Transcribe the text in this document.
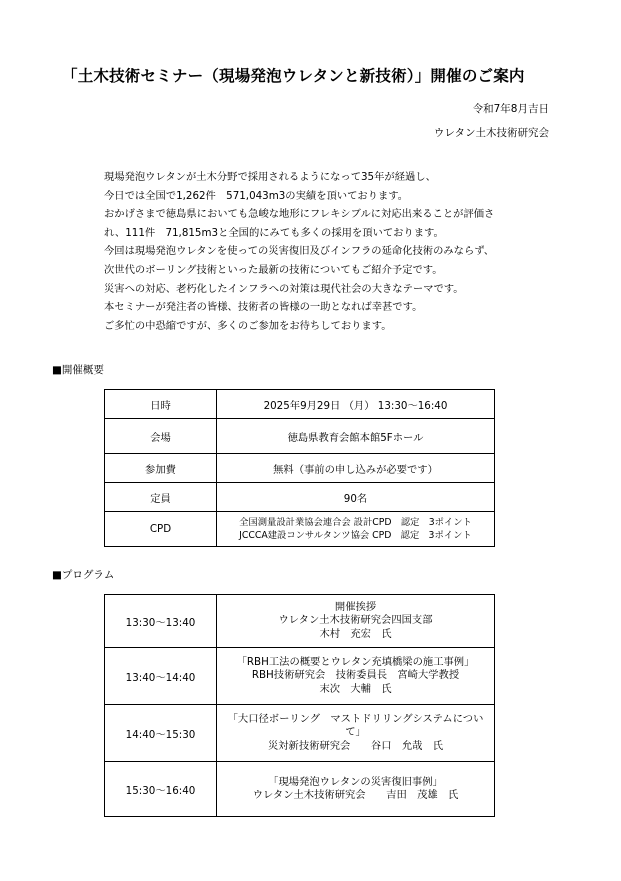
「土木技術セミナー（現場発泡ウレタンと新技術）」開催のご案内
令和7年8月吉日
ウレタン土木技術研究会
現場発泡ウレタンが土木分野で採用されるようになって35年が経過し、
今日では全国で1,262件　571,043m3の実績を頂いております。
おかげさまで徳島県においても急峻な地形にフレキシブルに対応出来ることが評価さ
れ、111件　71,815m3と全国的にみても多くの採用を頂いております。
今回は現場発泡ウレタンを使っての災害復旧及びインフラの延命化技術のみならず、
次世代のボーリング技術といった最新の技術についてもご紹介予定です。
災害への対応、老朽化したインフラへの対策は現代社会の大きなテーマです。
本セミナーが発注者の皆様、技術者の皆様の一助となれば幸甚です。
ご多忙の中恐縮ですが、多くのご参加をお待ちしております。
■開催概要
日時	2025年9月29日 （月） 13:30～16:40
会場	徳島県教育会館本館5Fホール
参加費	無料（事前の申し込みが必要です）
定員	90名
CPD	全国測量設計業協会連合会 設計CPD　認定　3ポイント
JCCCA建設コンサルタンツ協会 CPD　認定　3ポイント
■プログラム
13:30～13:40	開催挨拶
ウレタン土木技術研究会四国支部
木村　充宏　氏

13:40～14:40	「RBH工法の概要とウレタン充填橋梁の施工事例」
RBH技術研究会　技術委員長　宮崎大学教授
末次　大輔　氏

14:40～15:30	「大口径ボーリング　マストドリリングシステムについ
て」
災対新技術研究会　　谷口　允哉　氏

15:30～16:40	「現場発泡ウレタンの災害復旧事例」
ウレタン土木技術研究会　　吉田　茂雄　氏
